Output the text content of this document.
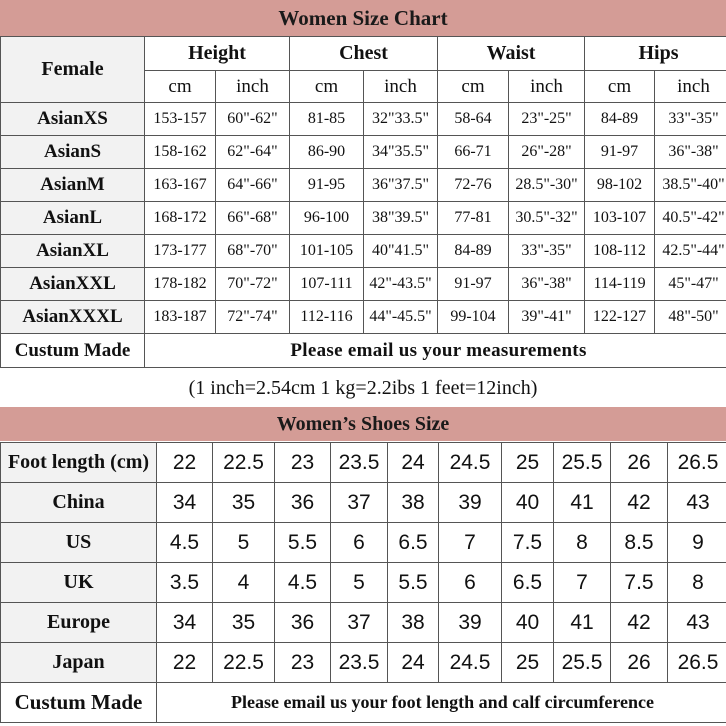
Women Size Chart
Female	Height		Chest		Waist		Hips	
	cm	inch	cm	inch	cm	inch	cm	inch
AsianXS	153-157	60"-62"	81-85	32"33.5"	58-64	23"-25"	84-89	33"-35"
AsianS	158-162	62"-64"	86-90	34"35.5"	66-71	26"-28"	91-97	36"-38"
AsianM	163-167	64"-66"	91-95	36"37.5"	72-76	28.5"-30"	98-102	38.5"-40"
AsianL	168-172	66"-68"	96-100	38"39.5"	77-81	30.5"-32"	103-107	40.5"-42"
AsianXL	173-177	68"-70"	101-105	40"41.5"	84-89	33"-35"	108-112	42.5"-44"
AsianXXL	178-182	70"-72"	107-111	42"-43.5"	91-97	36"-38"	114-119	45"-47"
AsianXXXL	183-187	72"-74"	112-116	44"-45.5"	99-104	39"-41"	122-127	48"-50"
Custum Made	Please email us your measurements							
(1 inch=2.54cm 1 kg=2.2ibs 1 feet=12inch)
Women’s Shoes Size
Foot length (cm)	22	22.5	23	23.5	24	24.5	25	25.5	26	26.5
China	34	35	36	37	38	39	40	41	42	43
US	4.5	5	5.5	6	6.5	7	7.5	8	8.5	9
UK	3.5	4	4.5	5	5.5	6	6.5	7	7.5	8
Europe	34	35	36	37	38	39	40	41	42	43
Japan	22	22.5	23	23.5	24	24.5	25	25.5	26	26.5
Custum Made	Please email us your foot length and calf circumference									
